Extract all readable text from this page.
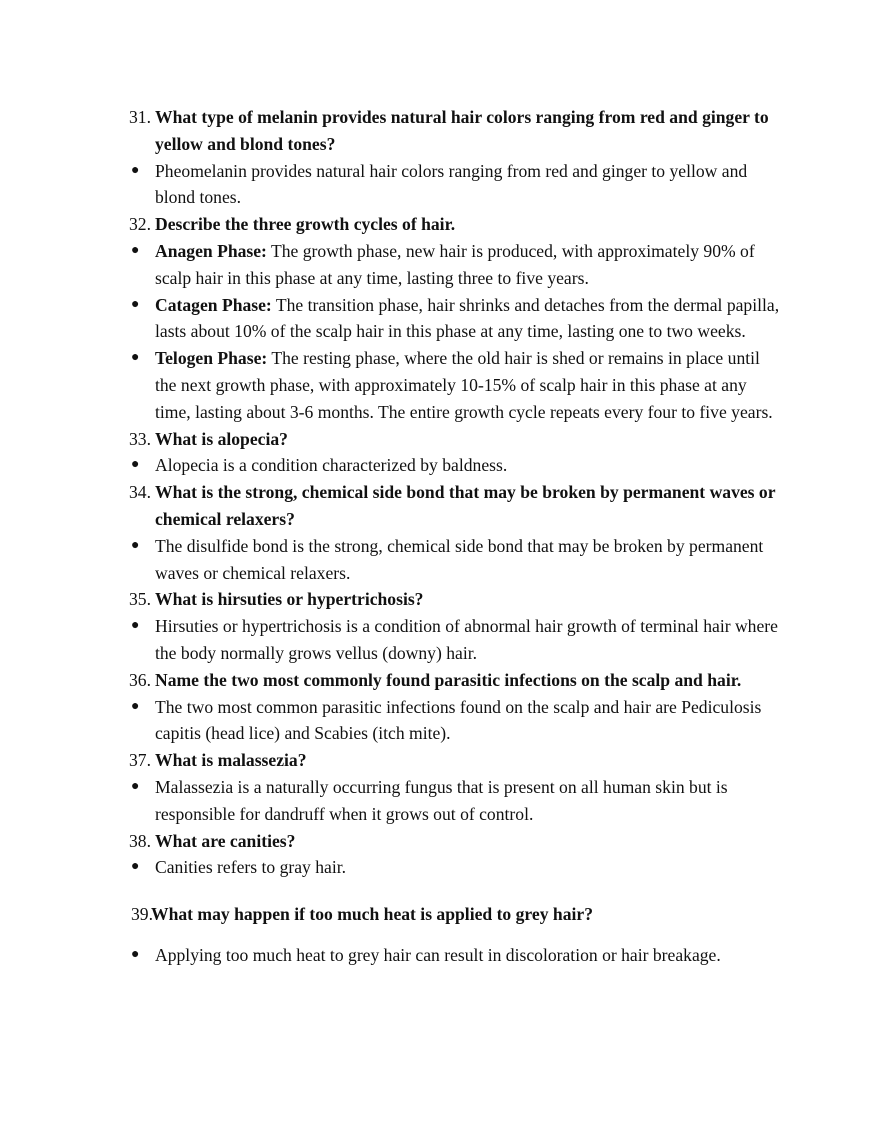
31. What type of melanin provides natural hair colors ranging from red and ginger to yellow and blond tones?
● Pheomelanin provides natural hair colors ranging from red and ginger to yellow and blond tones.
32. Describe the three growth cycles of hair.
● Anagen Phase: The growth phase, new hair is produced, with approximately 90% of scalp hair in this phase at any time, lasting three to five years.
● Catagen Phase: The transition phase, hair shrinks and detaches from the dermal papilla, lasts about 10% of the scalp hair in this phase at any time, lasting one to two weeks.
● Telogen Phase: The resting phase, where the old hair is shed or remains in place until the next growth phase, with approximately 10-15% of scalp hair in this phase at any time, lasting about 3-6 months. The entire growth cycle repeats every four to five years.
33. What is alopecia?
● Alopecia is a condition characterized by baldness.
34. What is the strong, chemical side bond that may be broken by permanent waves or chemical relaxers?
● The disulfide bond is the strong, chemical side bond that may be broken by permanent waves or chemical relaxers.
35. What is hirsuties or hypertrichosis?
● Hirsuties or hypertrichosis is a condition of abnormal hair growth of terminal hair where the body normally grows vellus (downy) hair.
36. Name the two most commonly found parasitic infections on the scalp and hair.
● The two most common parasitic infections found on the scalp and hair are Pediculosis capitis (head lice) and Scabies (itch mite).
37. What is malassezia?
● Malassezia is a naturally occurring fungus that is present on all human skin but is responsible for dandruff when it grows out of control.
38. What are canities?
● Canities refers to gray hair.
39.
What may happen if too much heat is applied to grey hair?
● Applying too much heat to grey hair can result in discoloration or hair breakage.
